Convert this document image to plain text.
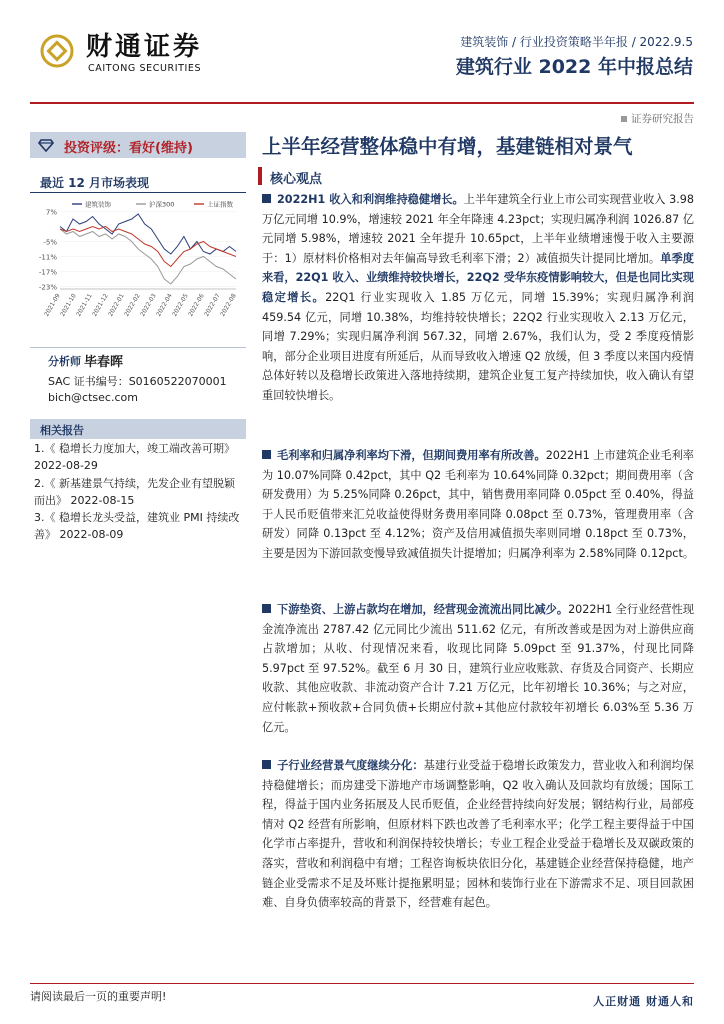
财通证券
CAITONG SECURITIES
建筑装饰 / 行业投资策略半年报 / 2022.9.5
建筑行业 2022 年中报总结
证券研究报告
投资评级：看好(维持)
最近 12 月市场表现
7%
-5%
-11%
-17%
-23%
2021-09
2021-10
2021-11
2021-12
2022-01
2022-02
2022-03
2022-04
2022-05
2022-06
2022-07
2022-08
建筑装饰	沪深300	上证指数
分析师 毕春晖
SAC 证书编号：S0160522070001
bich@ctsec.com
相关报告
1.《 稳增长力度加大，竣工端改善可期》 2022-08-29
2.《 新基建景气持续，先发企业有望脱颖而出》 2022-08-15
3.《 稳增长龙头受益，建筑业 PMI 持续改善》 2022-08-09
上半年经营整体稳中有增，基建链相对景气
核心观点
2022H1 收入和利润维持稳健增长。上半年建筑全行业上市公司实现营业收入 3.98 万亿元同增 10.9%，增速较 2021 年全年降速 4.23pct；实现归属净利润 1026.87 亿元同增 5.98%，增速较 2021 全年提升 10.65pct，上半年业绩增速慢于收入主要源于：1）原材料价格相对去年偏高导致毛利率下滑；2）减值损失计提同比增加。单季度来看，22Q1 收入、业绩维持较快增长，22Q2 受华东疫情影响较大，但是也同比实现稳定增长。22Q1 行业实现收入 1.85 万亿元，同增 15.39%；实现归属净利润 459.54 亿元，同增 10.38%，均维持较快增长；22Q2 行业实现收入 2.13 万亿元，同增 7.29%；实现归属净利润 567.32，同增 2.67%，我们认为，受 2 季度疫情影响，部分企业项目进度有所延后，从而导致收入增速 Q2 放缓，但 3 季度以来国内疫情总体好转以及稳增长政策进入落地持续期，建筑企业复工复产持续加快，收入确认有望重回较快增长。
毛利率和归属净利率均下滑，但期间费用率有所改善。2022H1 上市建筑企业毛利率为 10.07%同降 0.42pct，其中 Q2 毛利率为 10.64%同降 0.32pct；期间费用率（含研发费用）为 5.25%同降 0.26pct，其中，销售费用率同降 0.05pct 至 0.40%，得益于人民币贬值带来汇兑收益使得财务费用率同降 0.08pct 至 0.73%，管理费用率（含研发）同降 0.13pct 至 4.12%；资产及信用减值损失率则同增 0.18pct 至 0.73%，主要是因为下游回款变慢导致减值损失计提增加；归属净利率为 2.58%同降 0.12pct。
下游垫资、上游占款均在增加，经营现金流流出同比减少。2022H1 全行业经营性现金流净流出 2787.42 亿元同比少流出 511.62 亿元，有所改善或是因为对上游供应商占款增加；从收、付现情况来看，收现比同降 5.09pct 至 91.37%，付现比同降 5.97pct 至 97.52%。截至 6 月 30 日，建筑行业应收账款、存货及合同资产、长期应收款、其他应收款、非流动资产合计 7.21 万亿元，比年初增长 10.36%；与之对应，应付帐款+预收款+合同负债+长期应付款+其他应付款较年初增长 6.03%至 5.36 万亿元。
子行业经营景气度继续分化：基建行业受益于稳增长政策发力，营业收入和利润均保持稳健增长；而房建受下游地产市场调整影响，Q2 收入确认及回款均有放缓；国际工程，得益于国内业务拓展及人民币贬值，企业经营持续向好发展；钢结构行业，局部疫情对 Q2 经营有所影响，但原材料下跌也改善了毛利率水平；化学工程主要得益于中国化学市占率提升，营收和利润保持较快增长；专业工程企业受益于稳增长及双碳政策的落实，营收和利润稳中有增；工程咨询板块依旧分化，基建链企业经营保持稳健，地产链企业受需求不足及坏账计提拖累明显；园林和装饰行业在下游需求不足、项目回款困难、自身负债率较高的背景下，经营难有起色。
请阅读最后一页的重要声明!	人正财通 财通人和
